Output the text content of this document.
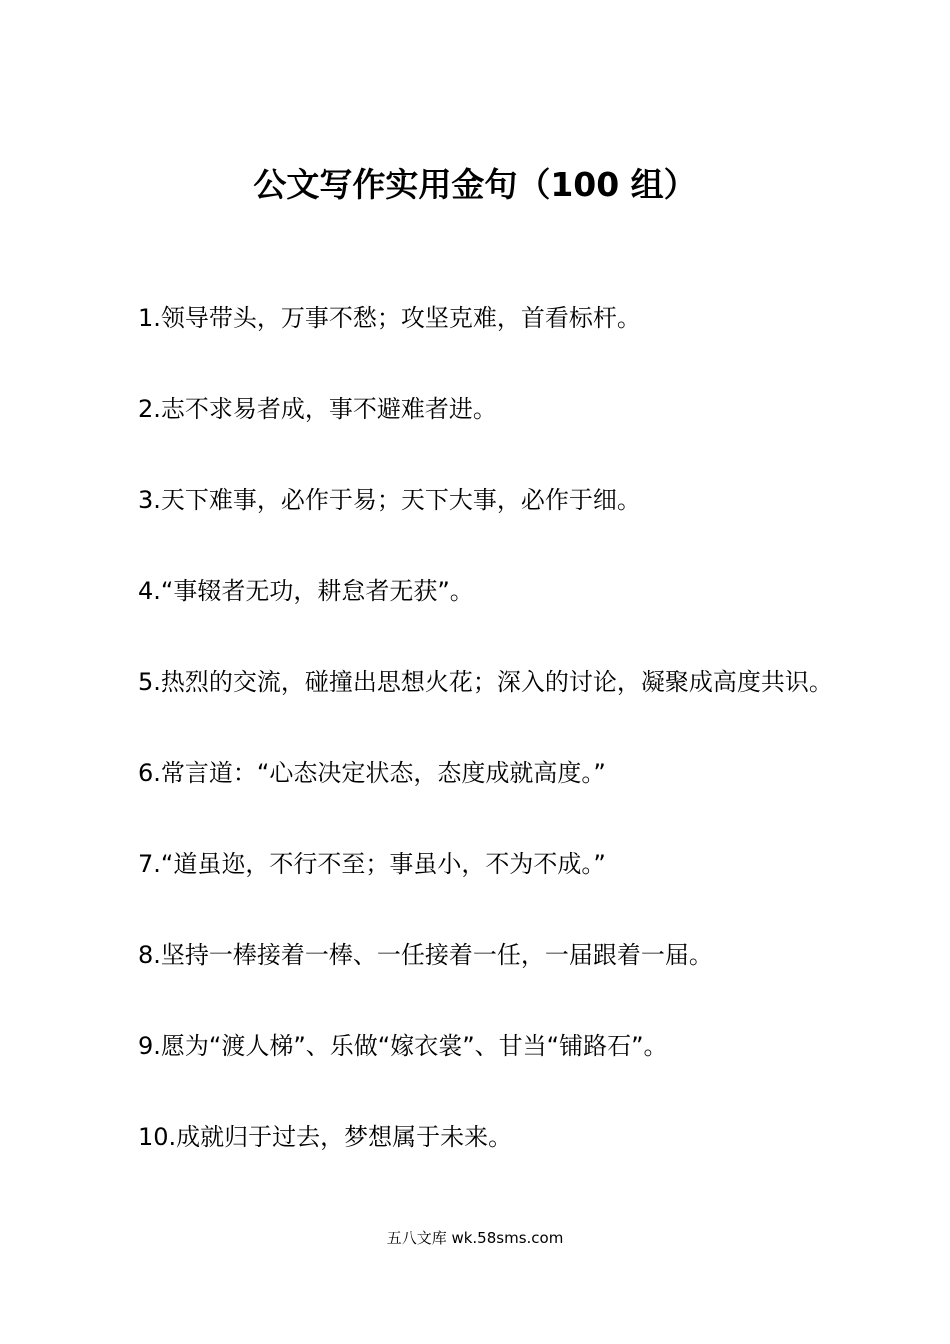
公文写作实用金句（100 组）
1.领导带头，万事不愁；攻坚克难，首看标杆。
2.志不求易者成，事不避难者进。
3.天下难事，必作于易；天下大事，必作于细。
4.“事辍者无功，耕怠者无获”。
5.热烈的交流，碰撞出思想火花；深入的讨论，凝聚成高度共识。
6.常言道：“心态决定状态，态度成就高度。”
7.“道虽迩，不行不至；事虽小，不为不成。”
8.坚持一棒接着一棒、一任接着一任，一届跟着一届。
9.愿为“渡人梯”、乐做“嫁衣裳”、甘当“铺路石”。
10.成就归于过去，梦想属于未来。
五八文库 wk.58sms.com
